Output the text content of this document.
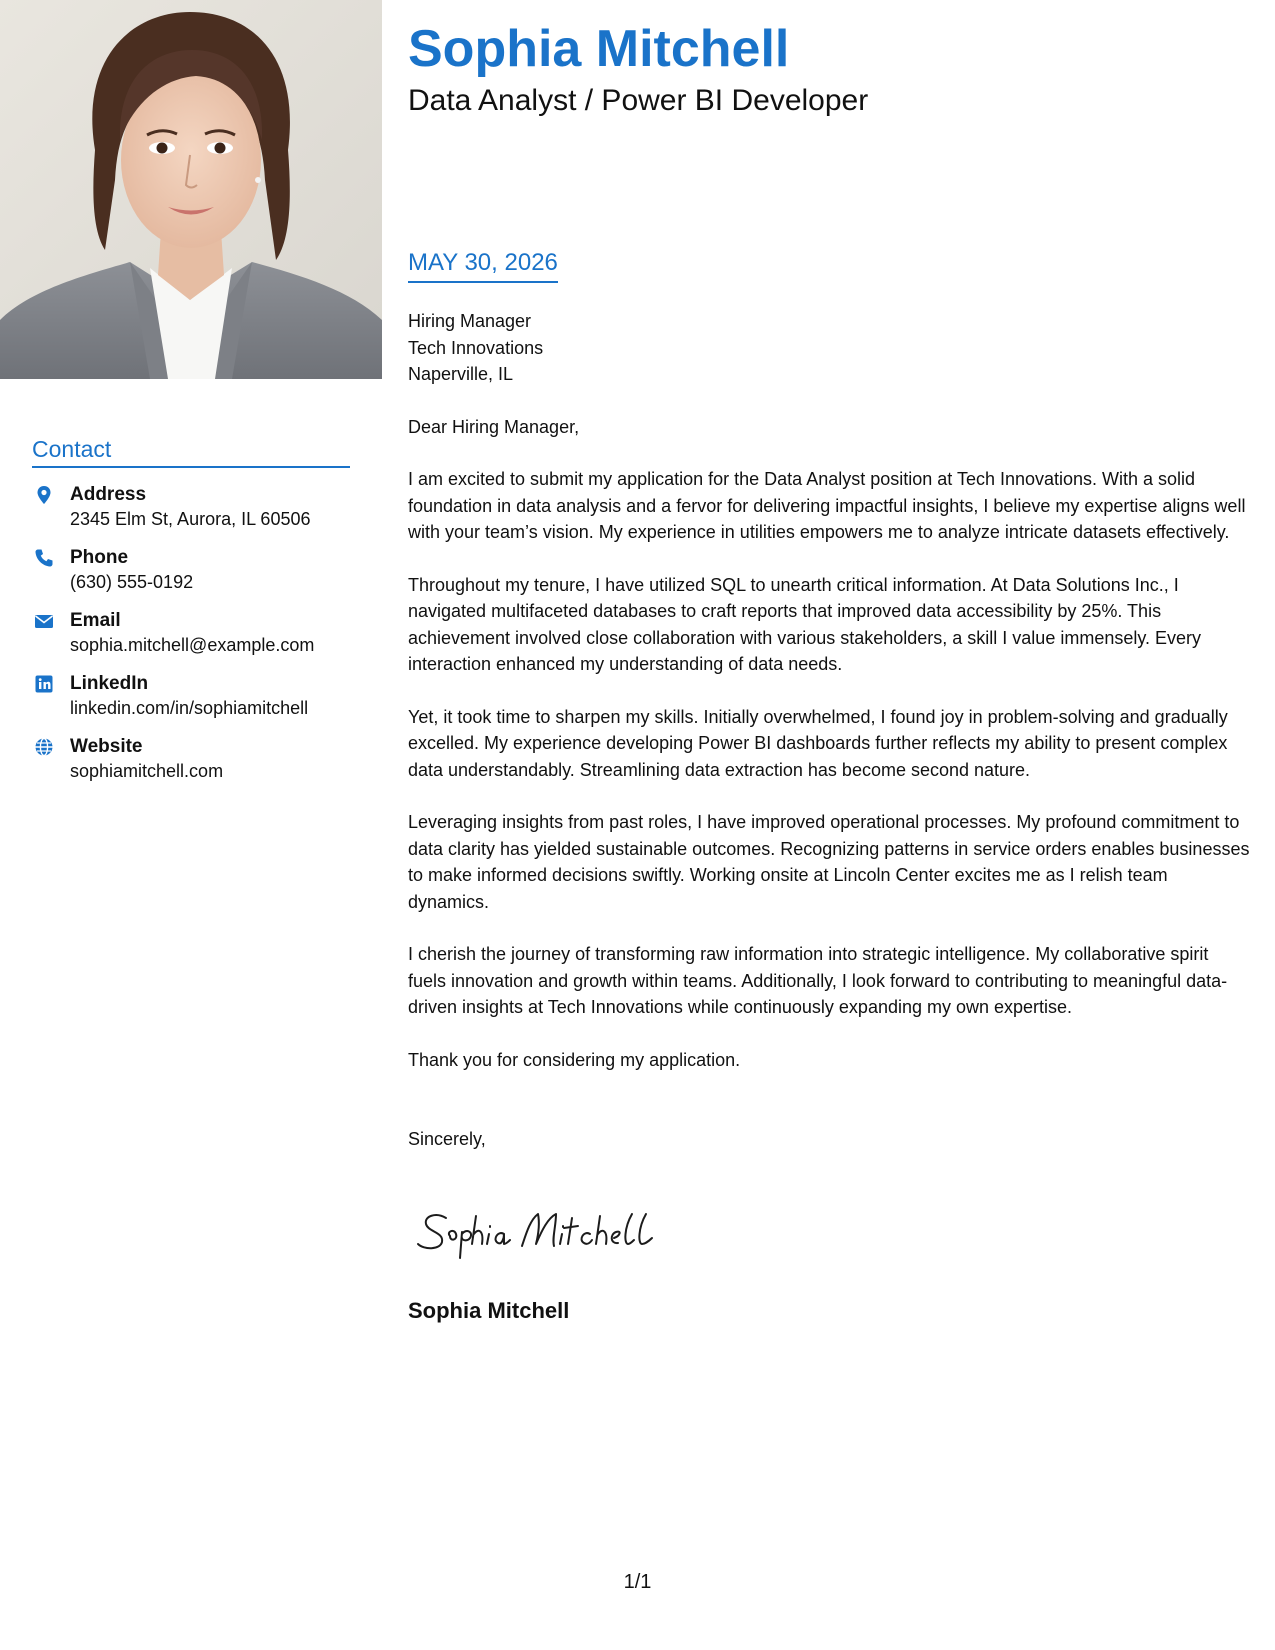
Contact
Address
2345 Elm St, Aurora, IL 60506
Phone
(630) 555-0192
Email
sophia.mitchell@example.com
LinkedIn
linkedin.com/in/sophiamitchell
Website
sophiamitchell.com
Sophia Mitchell
Data Analyst / Power BI Developer
MAY 30, 2026
Hiring Manager
Tech Innovations
Naperville, IL
Dear Hiring Manager,

I am excited to submit my application for the Data Analyst position at Tech Innovations. With a solid foundation in data analysis and a fervor for delivering impactful insights, I believe my expertise aligns well with your team’s vision. My experience in utilities empowers me to analyze intricate datasets effectively.

Throughout my tenure, I have utilized SQL to unearth critical information. At Data Solutions Inc., I navigated multifaceted databases to craft reports that improved data accessibility by 25%. This achievement involved close collaboration with various stakeholders, a skill I value immensely. Every interaction enhanced my understanding of data needs.

Yet, it took time to sharpen my skills. Initially overwhelmed, I found joy in problem-solving and gradually excelled. My experience developing Power BI dashboards further reflects my ability to present complex data understandably. Streamlining data extraction has become second nature.

Leveraging insights from past roles, I have improved operational processes. My profound commitment to data clarity has yielded sustainable outcomes. Recognizing patterns in service orders enables businesses to make informed decisions swiftly. Working onsite at Lincoln Center excites me as I relish team dynamics.

I cherish the journey of transforming raw information into strategic intelligence. My collaborative spirit fuels innovation and growth within teams. Additionally, I look forward to contributing to meaningful data-driven insights at Tech Innovations while continuously expanding my own expertise.

Thank you for considering my application.

Sincerely,
Sophia Mitchell
1/1
